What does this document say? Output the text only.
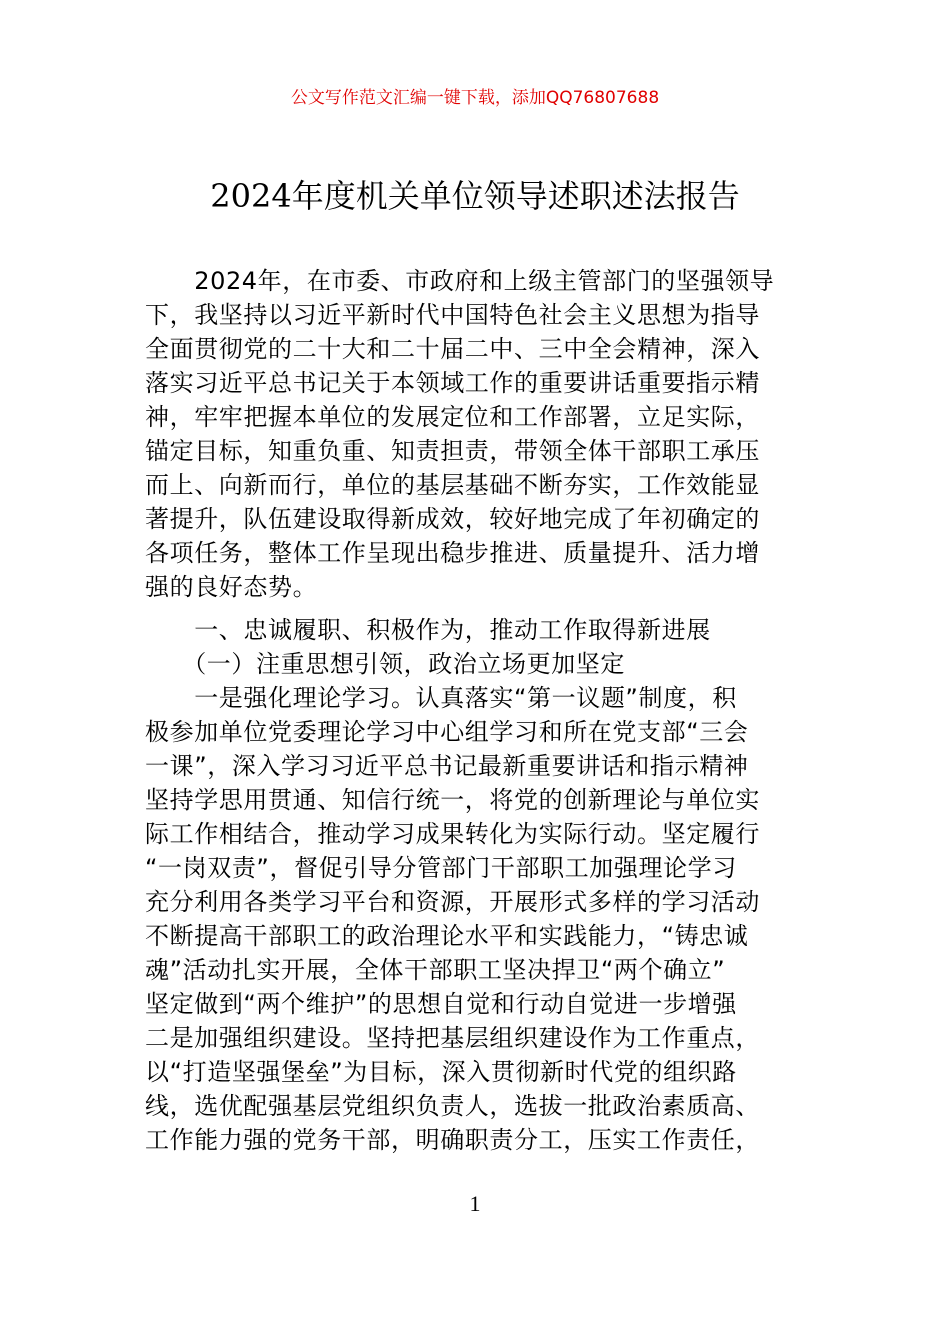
公文写作范文汇编一键下载，添加QQ76807688
2024年度机关单位领导述职述法报告
　　2024年，在市委、市政府和上级主管部门的坚强领导
下，我坚持以习近平新时代中国特色社会主义思想为指导
全面贯彻党的二十大和二十届二中、三中全会精神，深入
落实习近平总书记关于本领域工作的重要讲话重要指示精
神，牢牢把握本单位的发展定位和工作部署，立足实际，
锚定目标，知重负重、知责担责，带领全体干部职工承压
而上、向新而行，单位的基层基础不断夯实，工作效能显
著提升，队伍建设取得新成效，较好地完成了年初确定的
各项任务，整体工作呈现出稳步推进、质量提升、活力增
强的良好态势。
　　一、忠诚履职、积极作为，推动工作取得新进展
　　（一）注重思想引领，政治立场更加坚定
　　一是强化理论学习。认真落实“第一议题”制度，积
极参加单位党委理论学习中心组学习和所在党支部“三会
一课”，深入学习习近平总书记最新重要讲话和指示精神
坚持学思用贯通、知信行统一，将党的创新理论与单位实
际工作相结合，推动学习成果转化为实际行动。坚定履行
“一岗双责”，督促引导分管部门干部职工加强理论学习
充分利用各类学习平台和资源，开展形式多样的学习活动
不断提高干部职工的政治理论水平和实践能力，“铸忠诚
魂”活动扎实开展，全体干部职工坚决捍卫“两个确立”
坚定做到“两个维护”的思想自觉和行动自觉进一步增强
二是加强组织建设。坚持把基层组织建设作为工作重点，
以“打造坚强堡垒”为目标，深入贯彻新时代党的组织路
线，选优配强基层党组织负责人，选拔一批政治素质高、
工作能力强的党务干部，明确职责分工，压实工作责任，
1
